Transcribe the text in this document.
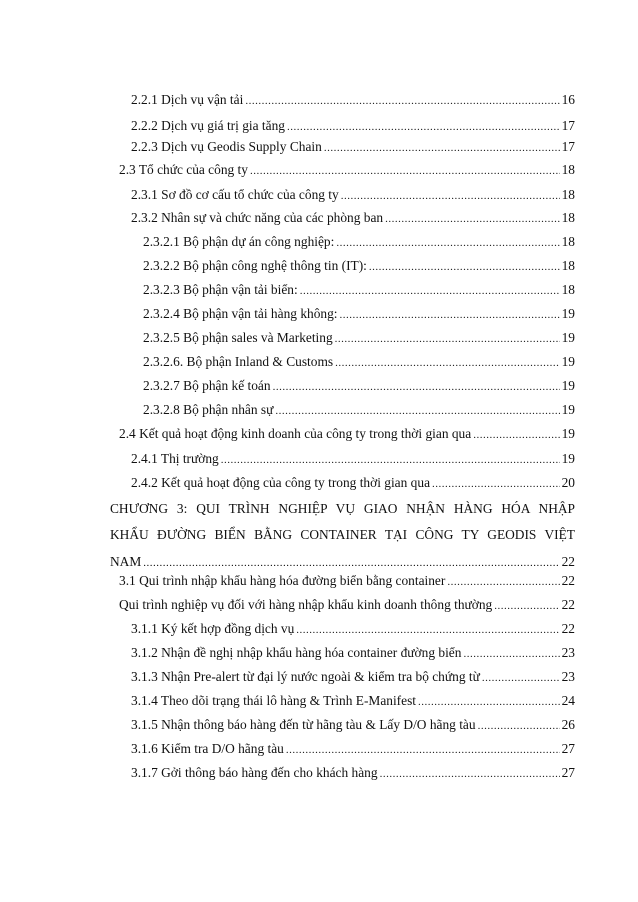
2.2.1 Dịch vụ vận tải .....	16
2.2.2 Dịch vụ giá trị gia tăng .....	17
2.2.3 Dịch vụ Geodis Supply Chain .....	17
2.3 Tổ chức của công ty .....	18
2.3.1 Sơ đồ cơ cấu tổ chức của công ty .....	18
2.3.2 Nhân sự và chức năng của các phòng ban .....	18
2.3.2.1 Bộ phận dự án công nghiệp: .....	18
2.3.2.2 Bộ phận công nghệ thông tin (IT): .....	18
2.3.2.3 Bộ phận vận tải biển: .....	18
2.3.2.4 Bộ phận vận tải hàng không: .....	19
2.3.2.5 Bộ phận sales và Marketing .....	19
2.3.2.6. Bộ phận Inland & Customs .....	19
2.3.2.7 Bộ phận kế toán .....	19
2.3.2.8 Bộ phận nhân sự .....	19
2.4 Kết quả hoạt động kinh doanh của công ty trong thời gian qua .....	19
2.4.1 Thị trường .....	19
2.4.2 Kết quả hoạt động của công ty trong thời gian qua .....	20
CHƯƠNG 3: QUI TRÌNH NGHIỆP VỤ GIAO NHẬN HÀNG HÓA NHẬP
KHẨU ĐƯỜNG BIỂN BẰNG CONTAINER TẠI CÔNG TY GEODIS VIỆT
NAM .....	22
3.1 Qui trình nhập khẩu hàng hóa đường biển bằng container .....	22
Qui trình nghiệp vụ đối với hàng nhập khẩu kinh doanh thông thường .....	22
3.1.1 Ký kết hợp đồng dịch vụ .....	22
3.1.2 Nhận đề nghị nhập khẩu hàng hóa container đường biển .....	23
3.1.3 Nhận Pre-alert từ đại lý nước ngoài & kiểm tra bộ chứng từ .....	23
3.1.4 Theo dõi trạng thái lô hàng & Trình E-Manifest .....	24
3.1.5 Nhận thông báo hàng đến từ hãng tàu & Lấy D/O hãng tàu .....	26
3.1.6 Kiểm tra D/O hãng tàu .....	27
3.1.7 Gởi thông báo hàng đến cho khách hàng .....	27
